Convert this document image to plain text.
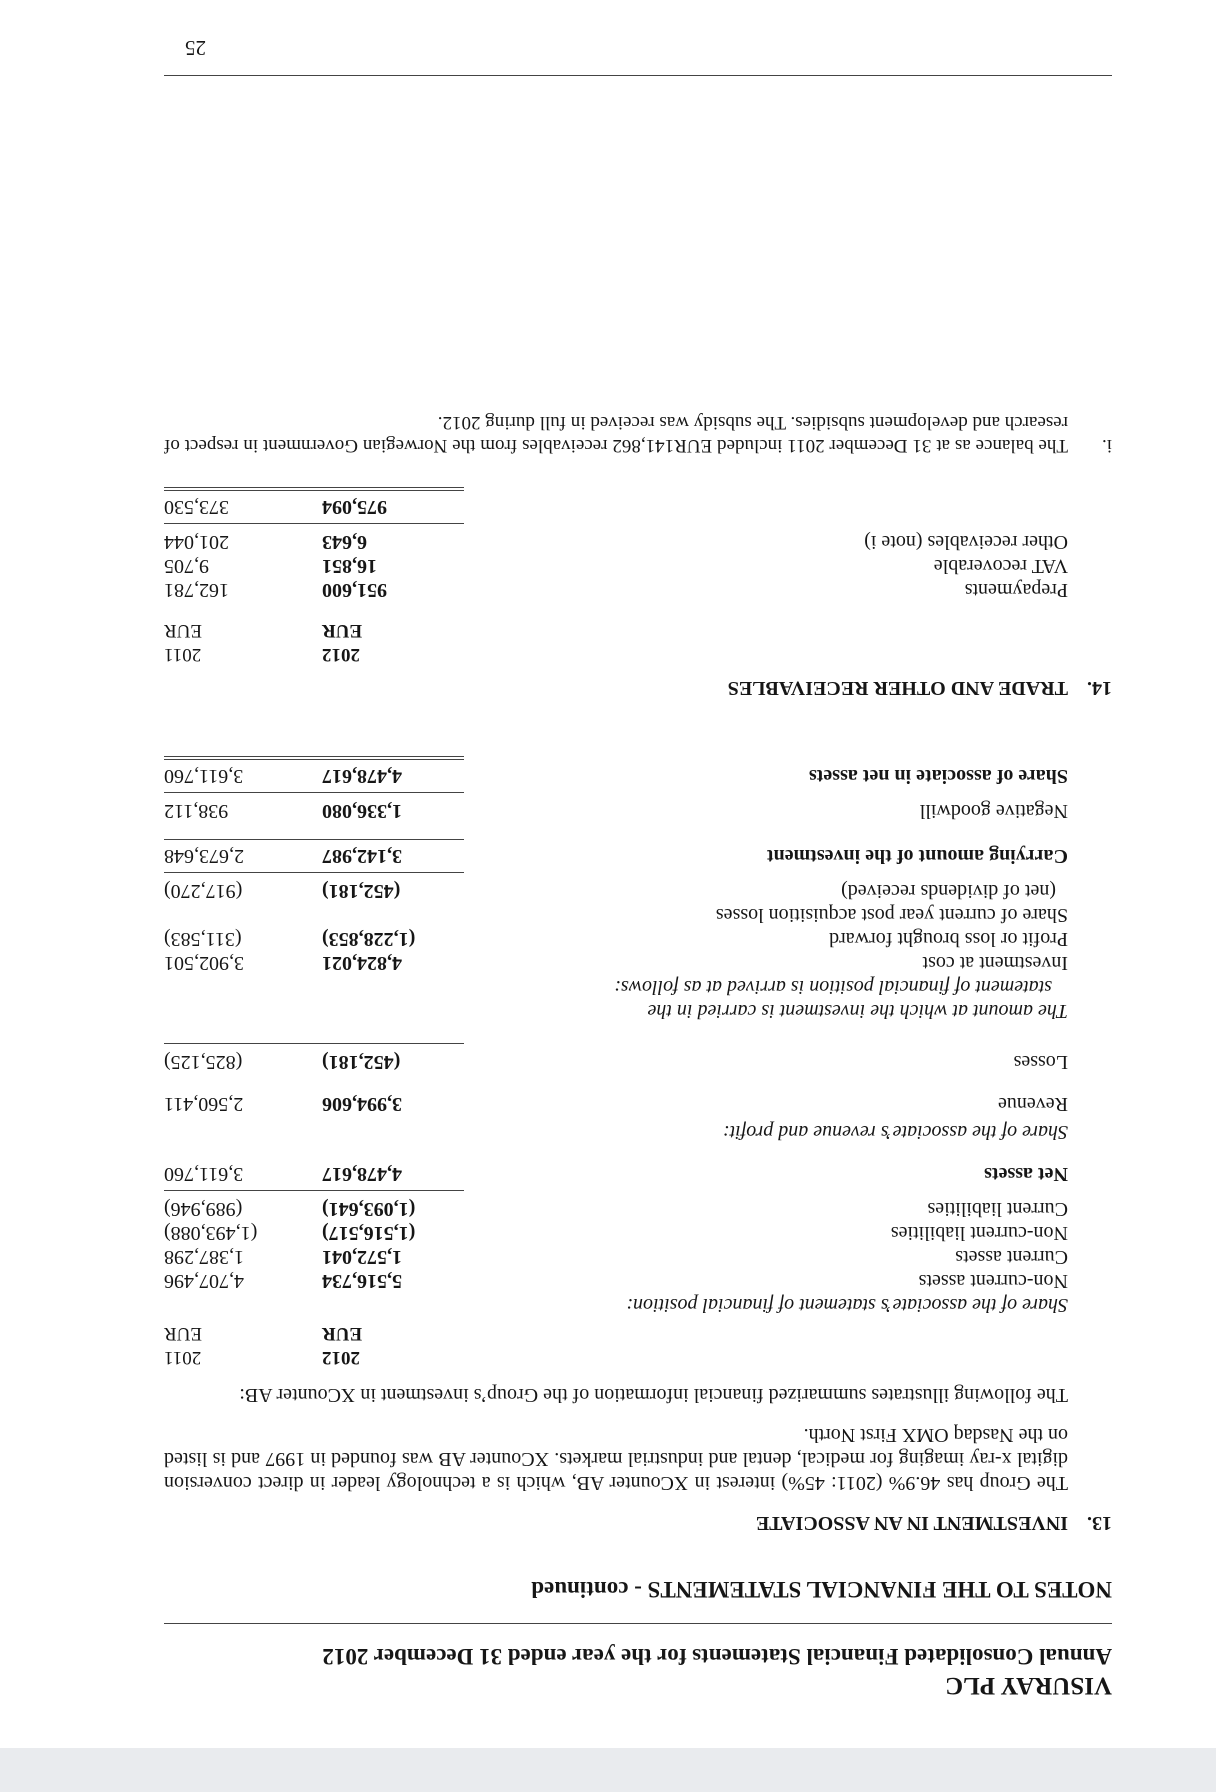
VISURAY PLC
Annual Consolidated Financial Statements for the year ended 31 December 2012
NOTES TO THE FINANCIAL STATEMENTS - continued
13.
INVESTMENT IN AN ASSOCIATE
The Group has 46.9% (2011: 45%) interest in XCounter AB, which is a technology leader in direct conversion digital x-ray imaging for medical, dental and industrial markets. XCounter AB was founded in 1997 and is listed on the Nasdaq OMX First North.
The following illustrates summarized financial information of the Group’s investment in XCounter AB:
2012
2011
EUR
EUR
Share of the associate’s statement of financial position:
Non-current assets
5,516,734
4,707,496
Current assets
1,572,041
1,387,298
Non-current liabilities
(1,516,517)
(1,493,088)
Current liabilities
(1,093,641)
(989,946)
Net assets
4,478,617
3,611,760
Share of the associate’s revenue and profit:
Revenue
3,994,606
2,560,411
Losses
(452,181)
(825,125)
The amount at which the investment is carried in the
statement of financial position is arrived at as follows:
Investment at cost
4,824,021
3,902,501
Profit or loss brought forward
(1,228,853)
(311,583)
Share of current year post acquisition losses
(net of dividends received)
(452,181)
(917,270)
Carrying amount of the investment
3,142,987
2,673,648
Negative goodwill
1,336,080
938,112
Share of associate in net assets
4,478,617
3,611,760
14.
TRADE AND OTHER RECEIVABLES
2012
2011
EUR
EUR
Prepayments
951,600
162,781
VAT recoverable
16,851
9,705
Other receivables (note i)
6,643
201,044
975,094
373,530
i.
The balance as at 31 December 2011 included EUR141,862 receivables from the Norwegian Government in respect of research and development subsidies. The subsidy was received in full during 2012.
25
